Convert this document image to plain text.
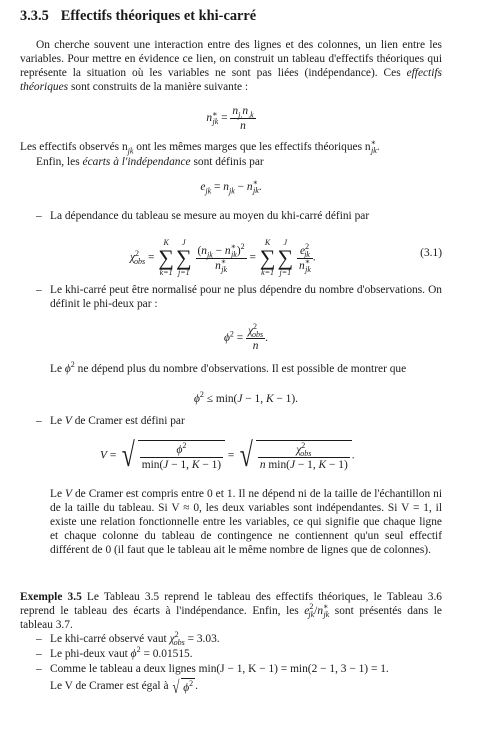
3.3.5 Effectifs théoriques et khi-carré
On cherche souvent une interaction entre des lignes et des colonnes, un lien entre les variables. Pour mettre en évidence ce lien, on construit un tableau d'effectifs théoriques qui représente la situation où les variables ne sont pas liées (indépendance). Ces effectifs théoriques sont construits de la manière suivante :
$n^∗_{jk} = \frac{n_{j.}n_{.k}}{n}$
Les effectifs observés $n_{jk}$ ont les mêmes marges que les effectifs théoriques $n^∗_{jk}$.
Enfin, les écarts à l'indépendance sont définis par
$e_{jk} = n_{jk} - n^∗_{jk}$.
– La dépendance du tableau se mesure au moyen du khi-carré défini par
$\chi^2_{obs}$ =
K
∑
k=1
J
∑
j=1
$\frac{(n_{jk} - n^∗_{jk})^2}{n^∗_{jk}}$ =
K
∑
k=1
J
∑
j=1
$\frac{e^2_{jk}}{n^∗_{jk}}$ .	(3.1)
– Le khi-carré peut être normalisé pour ne plus dépendre du nombre d'observations. On définit le phi-deux par :
$\phi^2 = \frac{\chi^2_{obs}}{n}$ .
Le $\phi^2$ ne dépend plus du nombre d'observations. Il est possible de montrer que
$\phi^2 \le \min(J - 1$, K − 1).
– Le V de Cramer est défini par
V = √ $\frac{\phi^2}{\min(J - 1, K - 1)}$ = √ $\frac{\chi^2_{obs}}{\text{n min(J − 1, K − 1)}}$ .
Le V de Cramer est compris entre 0 et 1. Il ne dépend ni de la taille de l'échantillon ni de la taille du tableau. Si V ≈ 0, les deux variables sont indépendantes. Si V = 1, il existe une relation fonctionnelle entre les variables, ce qui signifie que chaque ligne et chaque colonne du tableau de contingence ne contiennent qu'un seul effectif différent de 0 (il faut que le tableau ait le même nombre de lignes que de colonnes).
Exemple 3.5 Le Tableau 3.5 reprend le tableau des effectifs théoriques, le Tableau 3.6 reprend le tableau des écarts à l'indépendance. Enfin, les $e^2_{jk}/n^∗_{jk}$ sont présentés dans le tableau 3.7.
– Le khi-carré observé vaut $\chi^2_{obs} = 3.03$.
– Le phi-deux vaut $\phi^2 = 0.01515$.
– Comme le tableau a deux lignes min(J − 1, K − 1) = min(2 − 1, 3 − 1) = 1.
Le V de Cramer est égal à √ $\phi^2$ .
